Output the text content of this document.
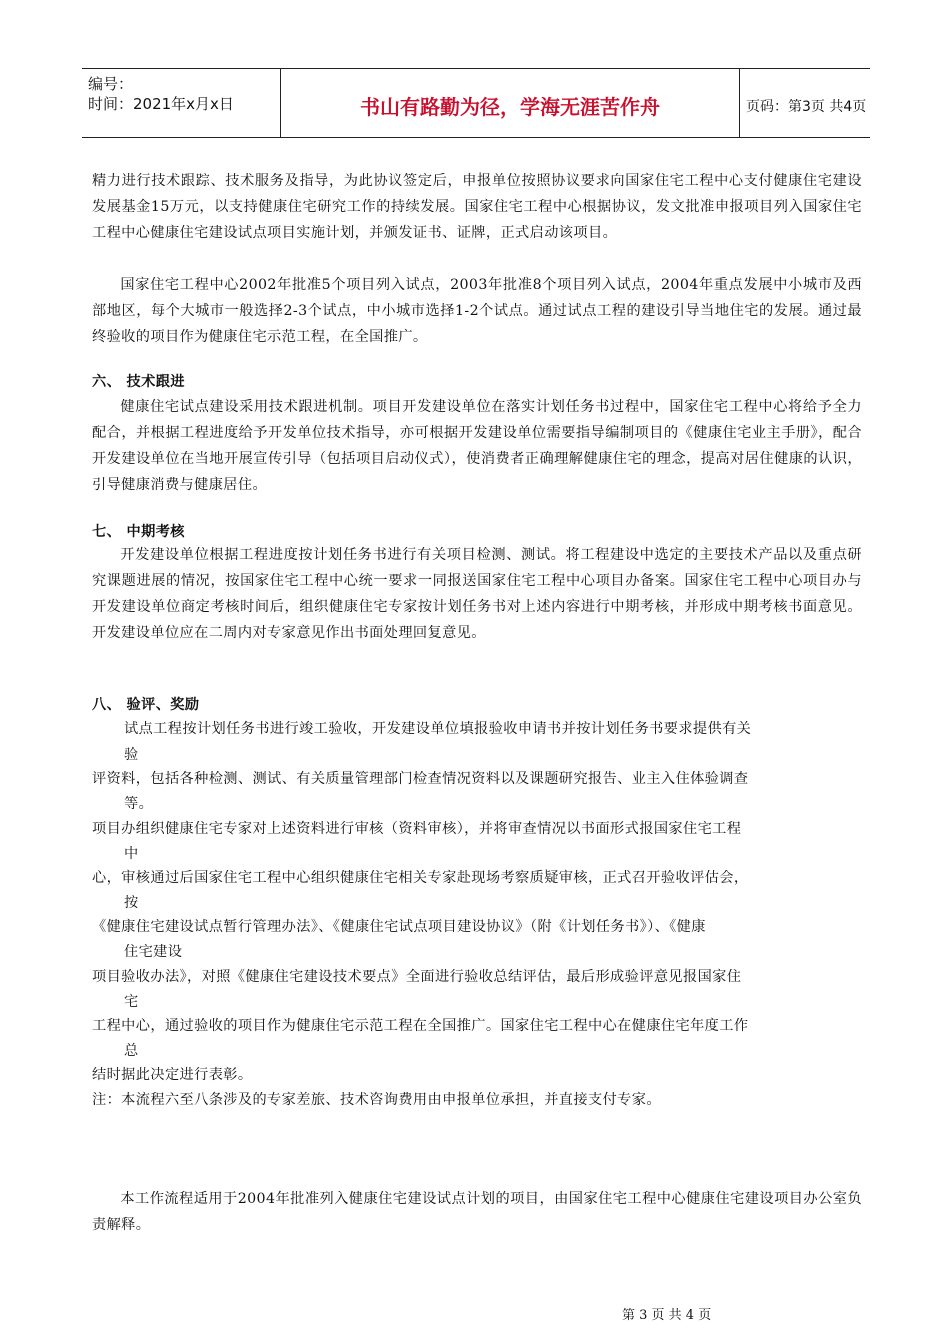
编号：
时间：2021年x月x日	书山有路勤为径，学海无涯苦作舟	页码：第3页 共4页
精力进行技术跟踪、技术服务及指导，为此协议签定后，申报单位按照协议要求向国家住宅工程中心支付健康住宅建设发展基金15万元，以支持健康住宅研究工作的持续发展。国家住宅工程中心根据协议，发文批准申报项目列入国家住宅工程中心健康住宅建设试点项目实施计划，并颁发证书、证牌，正式启动该项目。
国家住宅工程中心2002年批准5个项目列入试点，2003年批准8个项目列入试点，2004年重点发展中小城市及西部地区，每个大城市一般选择2-3个试点，中小城市选择1-2个试点。通过试点工程的建设引导当地住宅的发展。通过最终验收的项目作为健康住宅示范工程，在全国推广。
六、 技术跟进
健康住宅试点建设采用技术跟进机制。项目开发建设单位在落实计划任务书过程中，国家住宅工程中心将给予全力配合，并根据工程进度给予开发单位技术指导，亦可根据开发建设单位需要指导编制项目的《健康住宅业主手册》，配合开发建设单位在当地开展宣传引导（包括项目启动仪式），使消费者正确理解健康住宅的理念，提高对居住健康的认识，引导健康消费与健康居住。
七、 中期考核
开发建设单位根据工程进度按计划任务书进行有关项目检测、测试。将工程建设中选定的主要技术产品以及重点研究课题进展的情况，按国家住宅工程中心统一要求一同报送国家住宅工程中心项目办备案。国家住宅工程中心项目办与开发建设单位商定考核时间后，组织健康住宅专家按计划任务书对上述内容进行中期考核，并形成中期考核书面意见。开发建设单位应在二周内对专家意见作出书面处理回复意见。
八、 验评、奖励
试点工程按计划任务书进行竣工验收，开发建设单位填报验收申请书并按计划任务书要求提供有关
验
评资料，包括各种检测、测试、有关质量管理部门检查情况资料以及课题研究报告、业主入住体验调查
等。
项目办组织健康住宅专家对上述资料进行审核（资料审核），并将审查情况以书面形式报国家住宅工程
中
心，审核通过后国家住宅工程中心组织健康住宅相关专家赴现场考察质疑审核，正式召开验收评估会，
按
《健康住宅建设试点暂行管理办法》、《健康住宅试点项目建设协议》（附《计划任务书》）、《健康
住宅建设
项目验收办法》，对照《健康住宅建设技术要点》全面进行验收总结评估，最后形成验评意见报国家住
宅
工程中心，通过验收的项目作为健康住宅示范工程在全国推广。国家住宅工程中心在健康住宅年度工作
总
结时据此决定进行表彰。
注：本流程六至八条涉及的专家差旅、技术咨询费用由申报单位承担，并直接支付专家。
本工作流程适用于2004年批准列入健康住宅建设试点计划的项目，由国家住宅工程中心健康住宅建设项目办公室负责解释。
第 3 页 共 4 页
